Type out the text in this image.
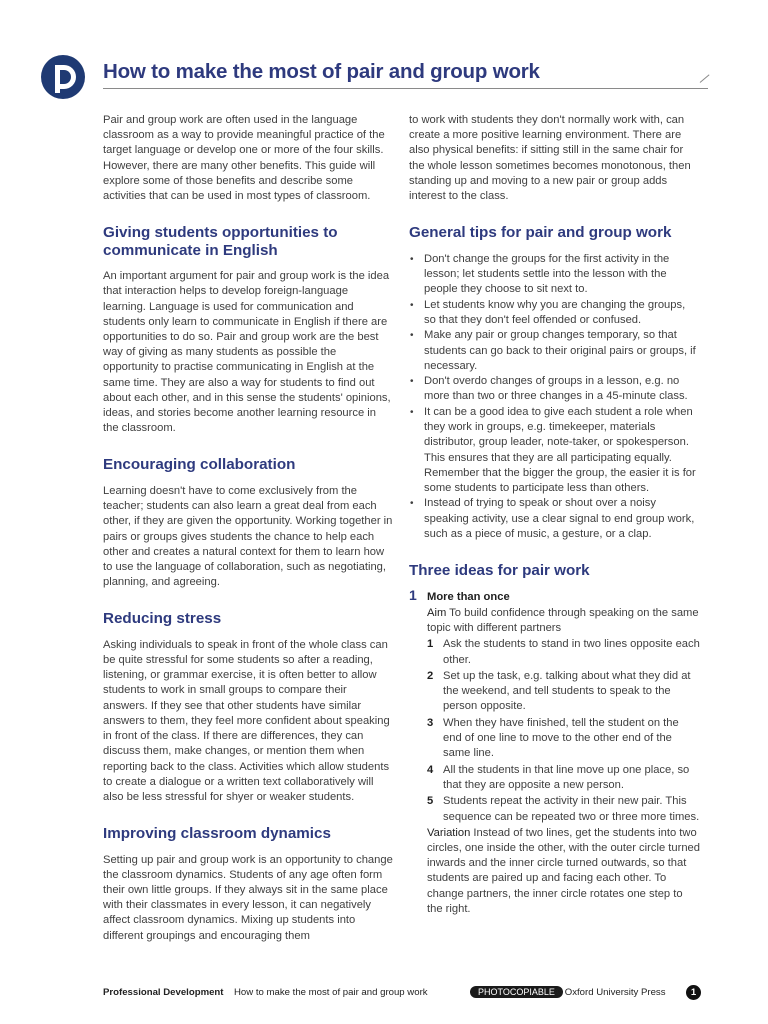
How to make the most of pair and group work

Pair and group work are often used in the language classroom as a way to provide meaningful practice of the target language or develop one or more of the four skills. However, there are many other benefits. This guide will explore some of those benefits and describe some activities that can be used in most types of classroom.

Giving students opportunities to communicate in English

An important argument for pair and group work is the idea that interaction helps to develop foreign-language learning. Language is used for communication and students only learn to communicate in English if there are opportunities to do so. Pair and group work are the best way of giving as many students as possible the opportunity to practise communicating in English at the same time. They are also a way for students to find out about each other, and in this sense the students' opinions, ideas, and stories become another learning resource in the classroom.

Encouraging collaboration

Learning doesn't have to come exclusively from the teacher; students can also learn a great deal from each other, if they are given the opportunity. Working together in pairs or groups gives students the chance to help each other and creates a natural context for them to learn how to use the language of collaboration, such as negotiating, planning, and agreeing.

Reducing stress

Asking individuals to speak in front of the whole class can be quite stressful for some students so after a reading, listening, or grammar exercise, it is often better to allow students to work in small groups to compare their answers. If they see that other students have similar answers to them, they feel more confident about speaking in front of the class. If there are differences, they can discuss them, make changes, or mention them when reporting back to the class. Activities which allow students to create a dialogue or a written text collaboratively will also be less stressful for shyer or weaker students.

Improving classroom dynamics

Setting up pair and group work is an opportunity to change the classroom dynamics. Students of any age often form their own little groups. If they always sit in the same place with their classmates in every lesson, it can negatively affect classroom dynamics. Mixing up students into different groupings and encouraging them

to work with students they don't normally work with, can create a more positive learning environment. There are also physical benefits: if sitting still in the same chair for the whole lesson sometimes becomes monotonous, then standing up and moving to a new pair or group adds interest to the class.

General tips for pair and group work
• Don't change the groups for the first activity in the lesson; let students settle into the lesson with the people they choose to sit next to.
• Let students know why you are changing the groups, so that they don't feel offended or confused.
• Make any pair or group changes temporary, so that students can go back to their original pairs or groups, if necessary.
• Don't overdo changes of groups in a lesson, e.g. no more than two or three changes in a 45-minute class.
• It can be a good idea to give each student a role when they work in groups, e.g. timekeeper, materials distributor, group leader, note-taker, or spokesperson. This ensures that they are all participating equally. Remember that the bigger the group, the easier it is for some students to participate less than others.
• Instead of trying to speak or shout over a noisy speaking activity, use a clear signal to end group work, such as a piece of music, a gesture, or a clap.
Three ideas for pair work
1 More than once

Aim To build confidence through speaking on the same topic with different partners

1 Ask the students to stand in two lines opposite each other.
2 Set up the task, e.g. talking about what they did at the weekend, and tell students to speak to the person opposite.
3 When they have finished, tell the student on the end of one line to move to the other end of the same line.
4 All the students in that line move up one place, so that they are opposite a new person.
5 Students repeat the activity in their new pair. This sequence can be repeated two or three more times.

Variation Instead of two lines, get the students into two circles, one inside the other, with the outer circle turned inwards and the inner circle turned outwards, so that students are paired up and facing each other. To change partners, the inner circle rotates one step to the right.

Professional Development How to make the most of pair and group work	PHOTOCOPIABLE © Oxford University Press	1
